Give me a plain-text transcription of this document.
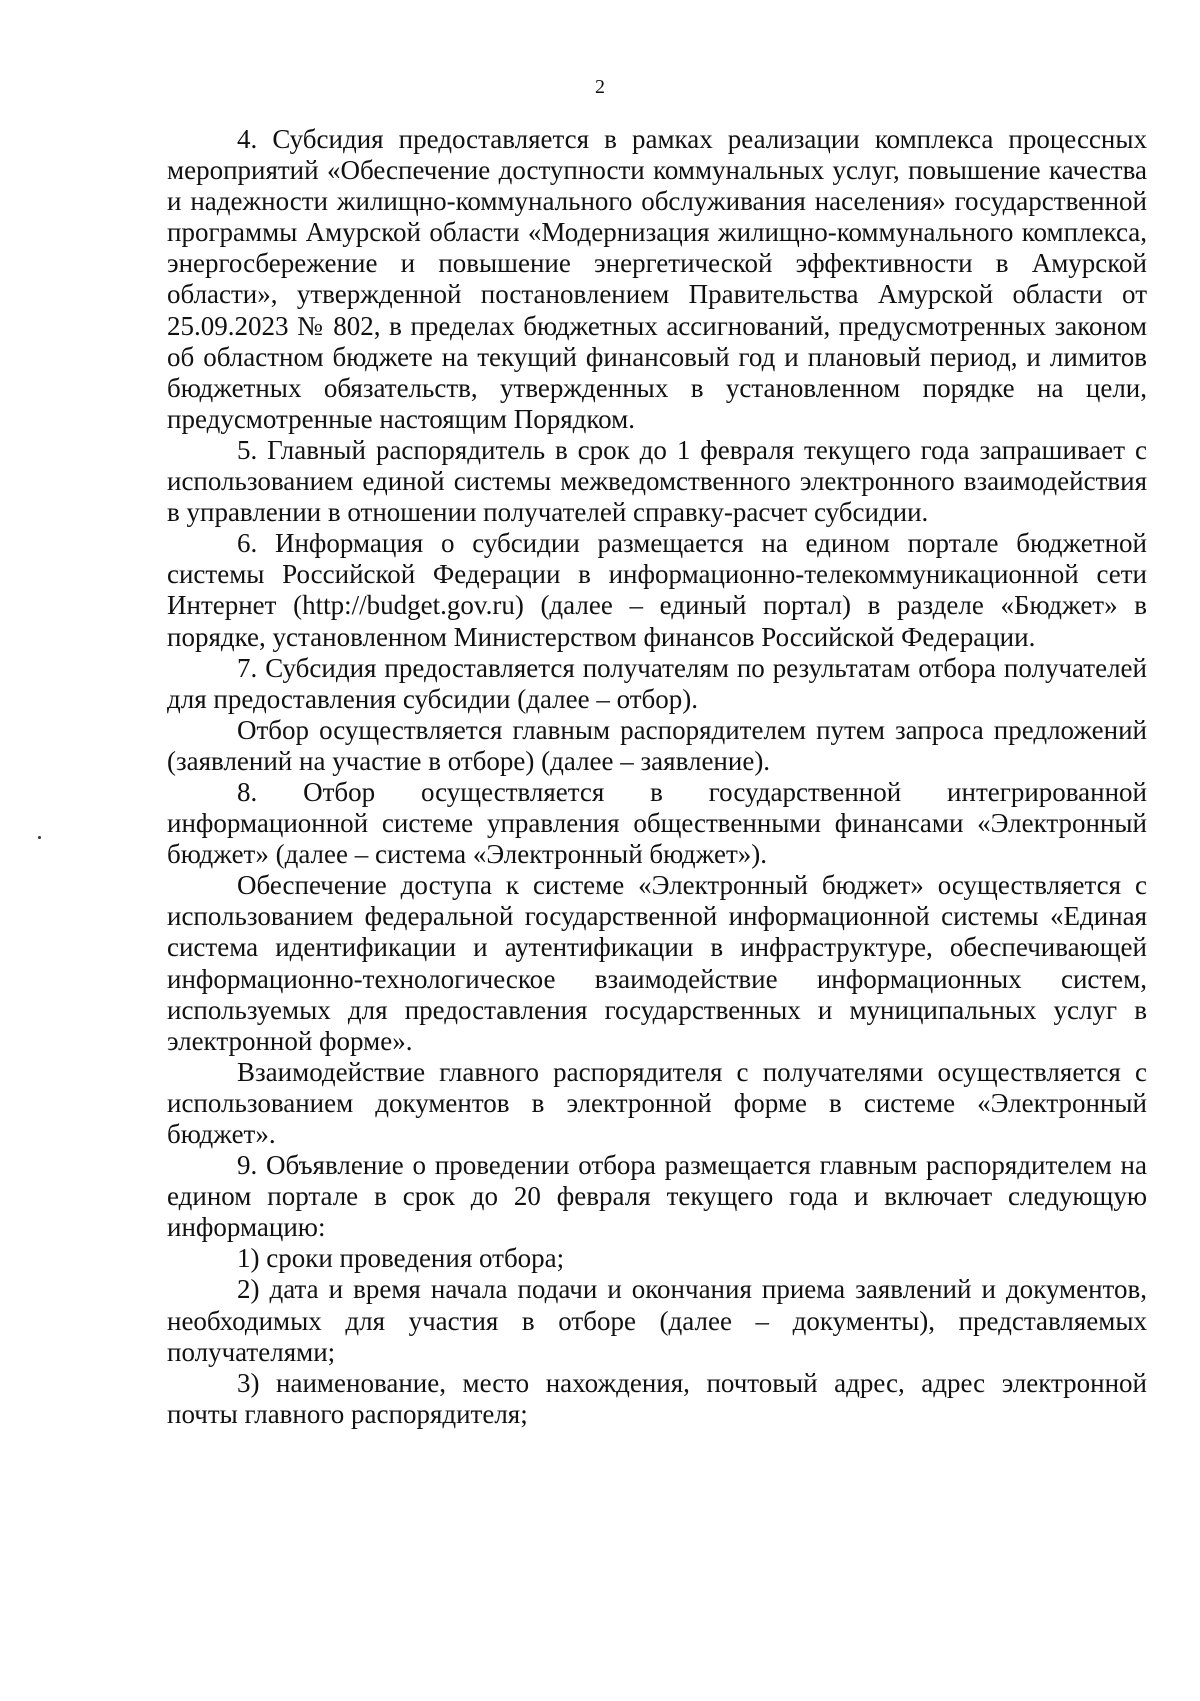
2

4. Субсидия предоставляется в рамках реализации комплекса процессных мероприятий «Обеспечение доступности коммунальных услуг, повышение качества и надежности жилищно-коммунального обслуживания населения» государственной программы Амурской области «Модернизация жилищно-коммунального комплекса, энергосбережение и повышение энергетической эффективности в Амурской области», утвержденной постановлением Правительства Амурской области от 25.09.2023 № 802, в пределах бюджетных ассигнований, предусмотренных законом об областном бюджете на текущий финансовый год и плановый период, и лимитов бюджетных обязательств, утвержденных в установленном порядке на цели, предусмотренные настоящим Порядком.

5. Главный распорядитель в срок до 1 февраля текущего года запрашивает с использованием единой системы межведомственного электронного взаимодействия в управлении в отношении получателей справку-расчет субсидии.

6. Информация о субсидии размещается на едином портале бюджетной системы Российской Федерации в информационно-телекоммуникационной сети Интернет (http://budget.gov.ru) (далее – единый портал) в разделе «Бюджет» в порядке, установленном Министерством финансов Российской Федерации.

7. Субсидия предоставляется получателям по результатам отбора получателей для предоставления субсидии (далее – отбор).

Отбор осуществляется главным распорядителем путем запроса предложений (заявлений на участие в отборе) (далее – заявление).

8. Отбор осуществляется в государственной интегрированной информационной системе управления общественными финансами «Электронный бюджет» (далее – система «Электронный бюджет»).

Обеспечение доступа к системе «Электронный бюджет» осуществляется с использованием федеральной государственной информационной системы «Единая система идентификации и аутентификации в инфраструктуре, обеспечивающей информационно-технологическое взаимодействие информационных систем, используемых для предоставления государственных и муниципальных услуг в электронной форме».

Взаимодействие главного распорядителя с получателями осуществляется с использованием документов в электронной форме в системе «Электронный бюджет».

9. Объявление о проведении отбора размещается главным распорядителем на едином портале в срок до 20 февраля текущего года и включает следующую информацию:

1) сроки проведения отбора;

2) дата и время начала подачи и окончания приема заявлений и документов, необходимых для участия в отборе (далее – документы), представляемых получателями;

3) наименование, место нахождения, почтовый адрес, адрес электронной почты главного распорядителя;
